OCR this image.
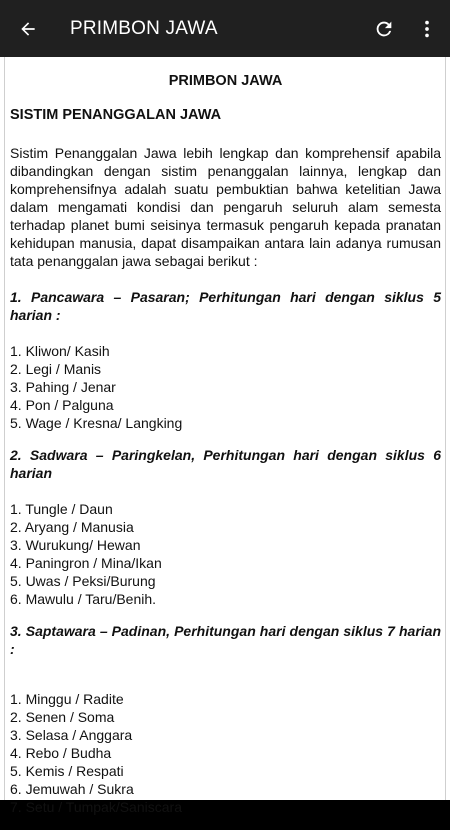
PRIMBON JAWA
PRIMBON JAWA
SISTIM PENANGGALAN JAWA
Sistim Penanggalan Jawa lebih lengkap dan komprehensif apabila dibandingkan dengan sistim penanggalan lainnya, lengkap dan komprehensifnya adalah suatu pembuktian bahwa ketelitian Jawa dalam mengamati kondisi dan pengaruh seluruh alam semesta terhadap planet bumi seisinya termasuk pengaruh kepada pranatan kehidupan manusia, dapat disampaikan antara lain adanya rumusan tata penanggalan jawa sebagai berikut :
1. Pancawara – Pasaran; Perhitungan hari dengan siklus 5 harian :
1. Kliwon/ Kasih
2. Legi / Manis
3. Pahing / Jenar
4. Pon / Palguna
5. Wage / Kresna/ Langking
2. Sadwara – Paringkelan, Perhitungan hari dengan siklus 6 harian
1. Tungle / Daun
2. Aryang / Manusia
3. Wurukung/ Hewan
4. Paningron / Mina/Ikan
5. Uwas / Peksi/Burung
6. Mawulu / Taru/Benih.
3. Saptawara – Padinan, Perhitungan hari dengan siklus 7 harian :
1. Minggu / Radite
2. Senen / Soma
3. Selasa / Anggara
4. Rebo / Budha
5. Kemis / Respati
6. Jemuwah / Sukra
7. Setu / Tumpak/Saniscara
